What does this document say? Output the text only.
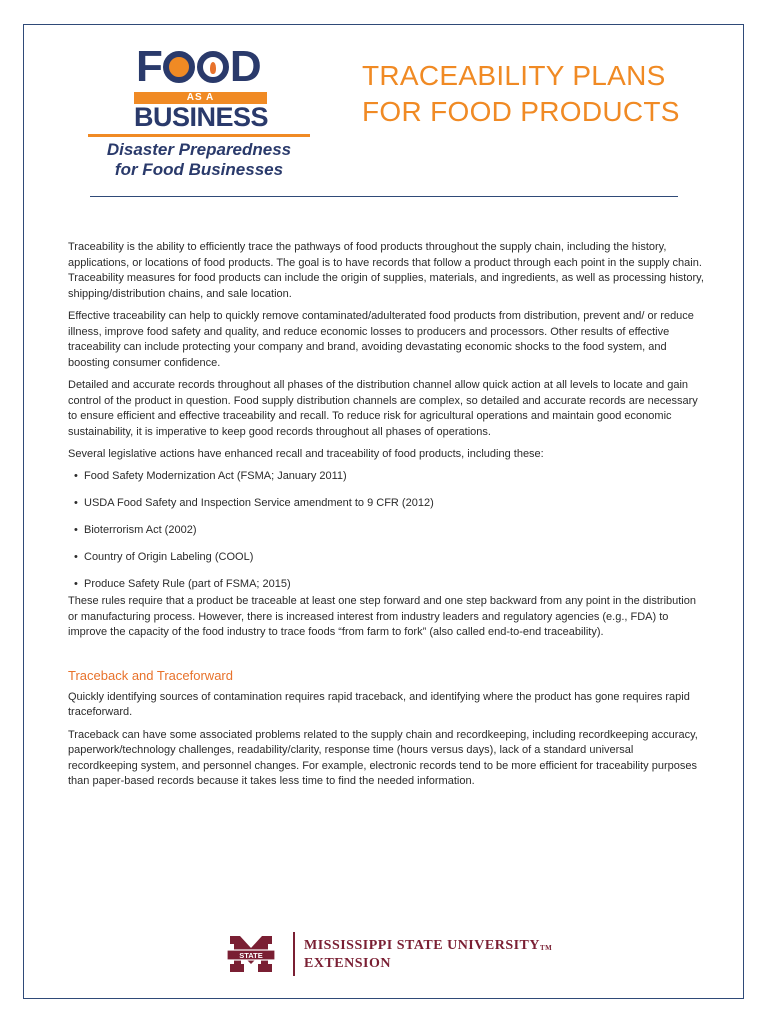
F D
AS A
BUSINESS
Disaster Preparedness
for Food Businesses
TRACEABILITY PLANS
FOR FOOD PRODUCTS

Traceability is the ability to efficiently trace the pathways of food products throughout the supply chain, including the history, applications, or locations of food products. The goal is to have records that follow a product through each point in the supply chain. Traceability measures for food products can include the origin of supplies, materials, and ingredients, as well as processing history, shipping/distribution chains, and sale location.

Effective traceability can help to quickly remove contaminated/adulterated food products from distribution, prevent and/ or reduce illness, improve food safety and quality, and reduce economic losses to producers and processors. Other results of effective traceability can include protecting your company and brand, avoiding devastating economic shocks to the food system, and boosting consumer confidence.

Detailed and accurate records throughout all phases of the distribution channel allow quick action at all levels to locate and gain control of the product in question. Food supply distribution channels are complex, so detailed and accurate records are necessary to ensure efficient and effective traceability and recall. To reduce risk for agricultural operations and maintain good economic sustainability, it is imperative to keep good records throughout all phases of operations.

Several legislative actions have enhanced recall and traceability of food products, including these:

• Food Safety Modernization Act (FSMA; January 2011)
• USDA Food Safety and Inspection Service amendment to 9 CFR (2012)
• Bioterrorism Act (2002)
• Country of Origin Labeling (COOL)
• Produce Safety Rule (part of FSMA; 2015)

These rules require that a product be traceable at least one step forward and one step backward from any point in the distribution or manufacturing process. However, there is increased interest from industry leaders and regulatory agencies (e.g., FDA) to improve the capacity of the food industry to trace foods “from farm to fork” (also called end-to-end traceability).

Traceback and Traceforward

Quickly identifying sources of contamination requires rapid traceback, and identifying where the product has gone requires rapid traceforward.

Traceback can have some associated problems related to the supply chain and recordkeeping, including recordkeeping accuracy, paperwork/technology challenges, readability/clarity, response time (hours versus days), lack of a standard universal recordkeeping system, and personnel changes. For example, electronic records tend to be more efficient for traceability purposes than paper-based records because it takes less time to find the needed information.

STATE
MISSISSIPPI STATE UNIVERSITYTM
EXTENSION
